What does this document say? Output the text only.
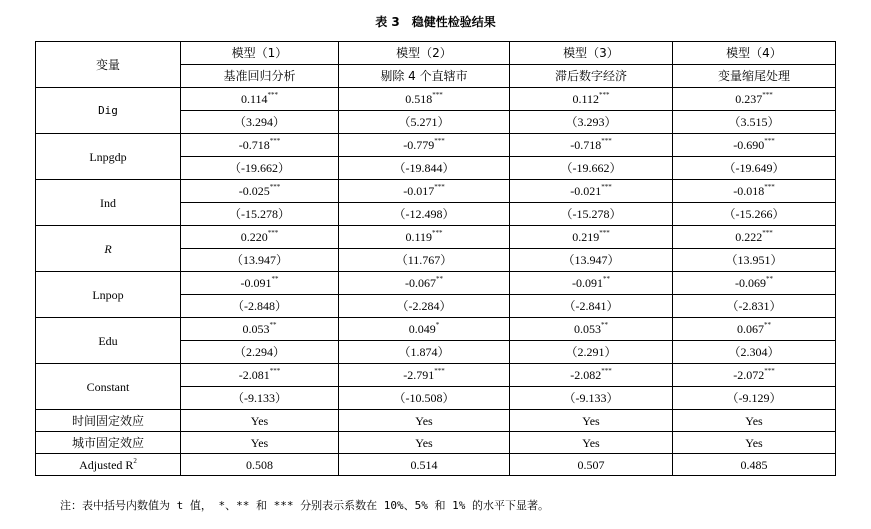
表 3　稳健性检验结果
变量	模型（1）	模型（2）	模型（3）	模型（4）
	基准回归分析	剔除 4 个直辖市	滞后数字经济	变量缩尾处理
Dig	0.114***	0.518***	0.112***	0.237***
	（3.294）	（5.271）	（3.293）	（3.515）
Lnpgdp	-0.718***	-0.779***	-0.718***	-0.690***
	（-19.662）	（-19.844）	（-19.662）	（-19.649）
Ind	-0.025***	-0.017***	-0.021***	-0.018***
	（-15.278）	（-12.498）	（-15.278）	（-15.266）
R	0.220***	0.119***	0.219***	0.222***
	（13.947）	（11.767）	（13.947）	（13.951）
Lnpop	-0.091**	-0.067**	-0.091**	-0.069**
	（-2.848）	（-2.284）	（-2.841）	（-2.831）
Edu	0.053**	0.049*	0.053**	0.067**
	（2.294）	（1.874）	（2.291）	（2.304）
Constant	-2.081***	-2.791***	-2.082***	-2.072***
	（-9.133）	（-10.508）	（-9.133）	（-9.129）
时间固定效应	Yes	Yes	Yes	Yes
城市固定效应	Yes	Yes	Yes	Yes
Adjusted $R^2$	0.508	0.514	0.507	0.485
注：表中括号内数值为 t 值， *、** 和 *** 分别表示系数在 10%、5% 和 1% 的水平下显著。
